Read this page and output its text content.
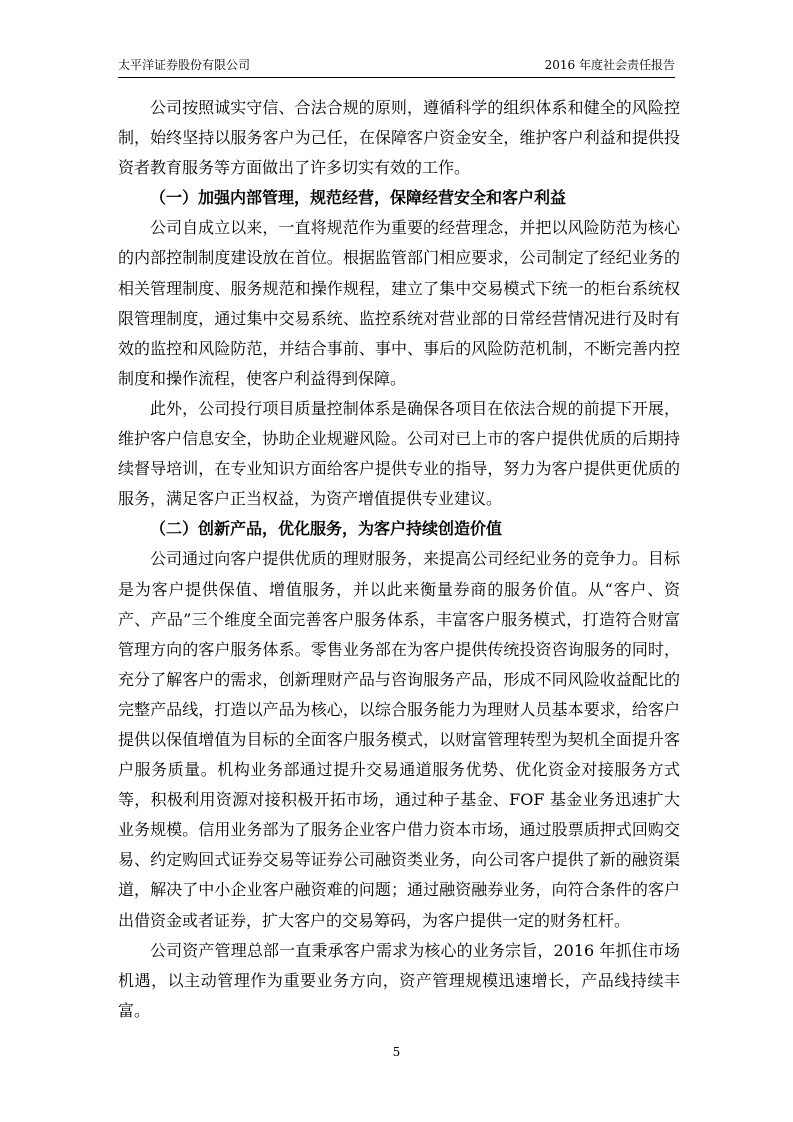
太平洋证券股份有限公司	2016 年度社会责任报告

公司按照诚实守信、合法合规的原则，遵循科学的组织体系和健全的风险控制，始终坚持以服务客户为己任，在保障客户资金安全，维护客户利益和提供投资者教育服务等方面做出了许多切实有效的工作。

（一）加强内部管理，规范经营，保障经营安全和客户利益

公司自成立以来，一直将规范作为重要的经营理念，并把以风险防范为核心的内部控制制度建设放在首位。根据监管部门相应要求，公司制定了经纪业务的相关管理制度、服务规范和操作规程，建立了集中交易模式下统一的柜台系统权限管理制度，通过集中交易系统、监控系统对营业部的日常经营情况进行及时有效的监控和风险防范，并结合事前、事中、事后的风险防范机制，不断完善内控制度和操作流程，使客户利益得到保障。

此外，公司投行项目质量控制体系是确保各项目在依法合规的前提下开展，维护客户信息安全，协助企业规避风险。公司对已上市的客户提供优质的后期持续督导培训，在专业知识方面给客户提供专业的指导，努力为客户提供更优质的服务，满足客户正当权益，为资产增值提供专业建议。

（二）创新产品，优化服务，为客户持续创造价值

公司通过向客户提供优质的理财服务，来提高公司经纪业务的竞争力。目标是为客户提供保值、增值服务，并以此来衡量券商的服务价值。从“客户、资产、产品”三个维度全面完善客户服务体系，丰富客户服务模式，打造符合财富管理方向的客户服务体系。零售业务部在为客户提供传统投资咨询服务的同时，充分了解客户的需求，创新理财产品与咨询服务产品，形成不同风险收益配比的完整产品线，打造以产品为核心，以综合服务能力为理财人员基本要求，给客户提供以保值增值为目标的全面客户服务模式，以财富管理转型为契机全面提升客户服务质量。机构业务部通过提升交易通道服务优势、优化资金对接服务方式等，积极利用资源对接积极开拓市场，通过种子基金、FOF 基金业务迅速扩大业务规模。信用业务部为了服务企业客户借力资本市场，通过股票质押式回购交易、约定购回式证券交易等证券公司融资类业务，向公司客户提供了新的融资渠道，解决了中小企业客户融资难的问题；通过融资融券业务，向符合条件的客户出借资金或者证券，扩大客户的交易筹码，为客户提供一定的财务杠杆。

公司资产管理总部一直秉承客户需求为核心的业务宗旨，2016 年抓住市场机遇，以主动管理作为重要业务方向，资产管理规模迅速增长，产品线持续丰富。

5
